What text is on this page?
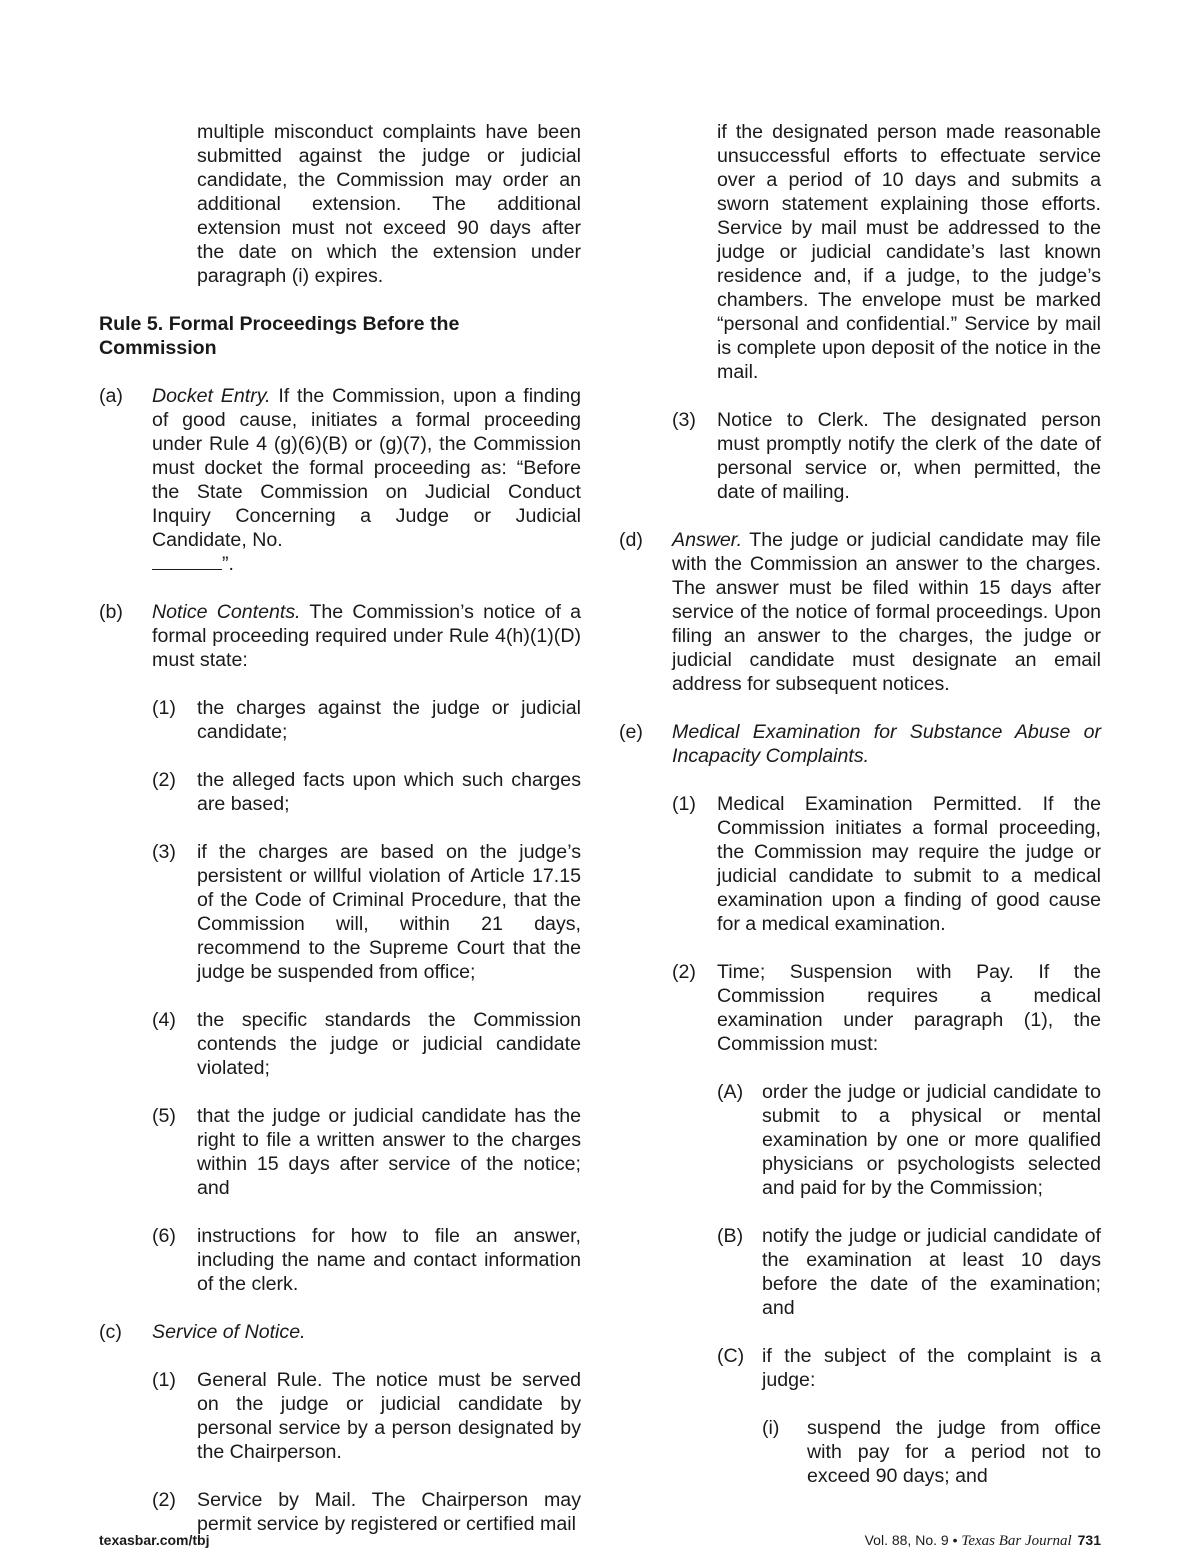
multiple misconduct complaints have been submitted against the judge or judicial candidate, the Commission may order an additional extension. The additional extension must not exceed 90 days after the date on which the extension under paragraph (i) expires.

Rule 5. Formal Proceedings Before the Commission

(a)	Docket Entry. If the Commission, upon a finding of good cause, initiates a formal proceeding under Rule 4 (g)(6)(B) or (g)(7), the Commission must docket the formal proceeding as: “Before the State Commission on Judicial Conduct Inquiry Concerning a Judge or Judicial Candidate, No.
”.
(b)	Notice Contents. The Commission’s notice of a formal proceeding required under Rule 4(h)(1)(D) must state:
(1)	the charges against the judge or judicial candidate;
(2)	the alleged facts upon which such charges are based;
(3)	if the charges are based on the judge’s persistent or willful violation of Article 17.15 of the Code of Criminal Procedure, that the Commission will, within 21 days, recommend to the Supreme Court that the judge be suspended from office;
(4)	the specific standards the Commission contends the judge or judicial candidate violated;
(5)	that the judge or judicial candidate has the right to file a written answer to the charges within 15 days after service of the notice; and
(6)	instructions for how to file an answer, including the name and contact information of the clerk.
(c)	Service of Notice.
(1)	General Rule. The notice must be served on the judge or judicial candidate by personal service by a person designated by the Chairperson.
(2)	Service by Mail. The Chairperson may permit service by registered or certified mail

if the designated person made reasonable unsuccessful efforts to effectuate service over a period of 10 days and submits a sworn statement explaining those efforts. Service by mail must be addressed to the judge or judicial candidate’s last known residence and, if a judge, to the judge’s chambers. The envelope must be marked “personal and confidential.” Service by mail is complete upon deposit of the notice in the mail.

(3)	Notice to Clerk. The designated person must promptly notify the clerk of the date of personal service or, when permitted, the date of mailing.
(d)	Answer. The judge or judicial candidate may file with the Commission an answer to the charges. The answer must be filed within 15 days after service of the notice of formal proceedings. Upon filing an answer to the charges, the judge or judicial candidate must designate an email address for subsequent notices.
(e)	Medical Examination for Substance Abuse or Incapacity Complaints.
(1)	Medical Examination Permitted. If the Commission initiates a formal proceeding, the Commission may require the judge or judicial candidate to submit to a medical examination upon a finding of good cause for a medical examination.
(2)	Time; Suspension with Pay. If the Commission requires a medical examination under paragraph (1), the Commission must:
(A) order the judge or judicial candidate to submit to a physical or mental examination by one or more qualified physicians or psychologists selected and paid for by the Commission;
(B) notify the judge or judicial candidate of the examination at least 10 days before the date of the examination; and
(C) if the subject of the complaint is a judge:
(i)	suspend the judge from office with pay for a period not to exceed 90 days; and
texasbar.com/tbj	Vol. 88, No. 9 • Texas Bar Journal 731
